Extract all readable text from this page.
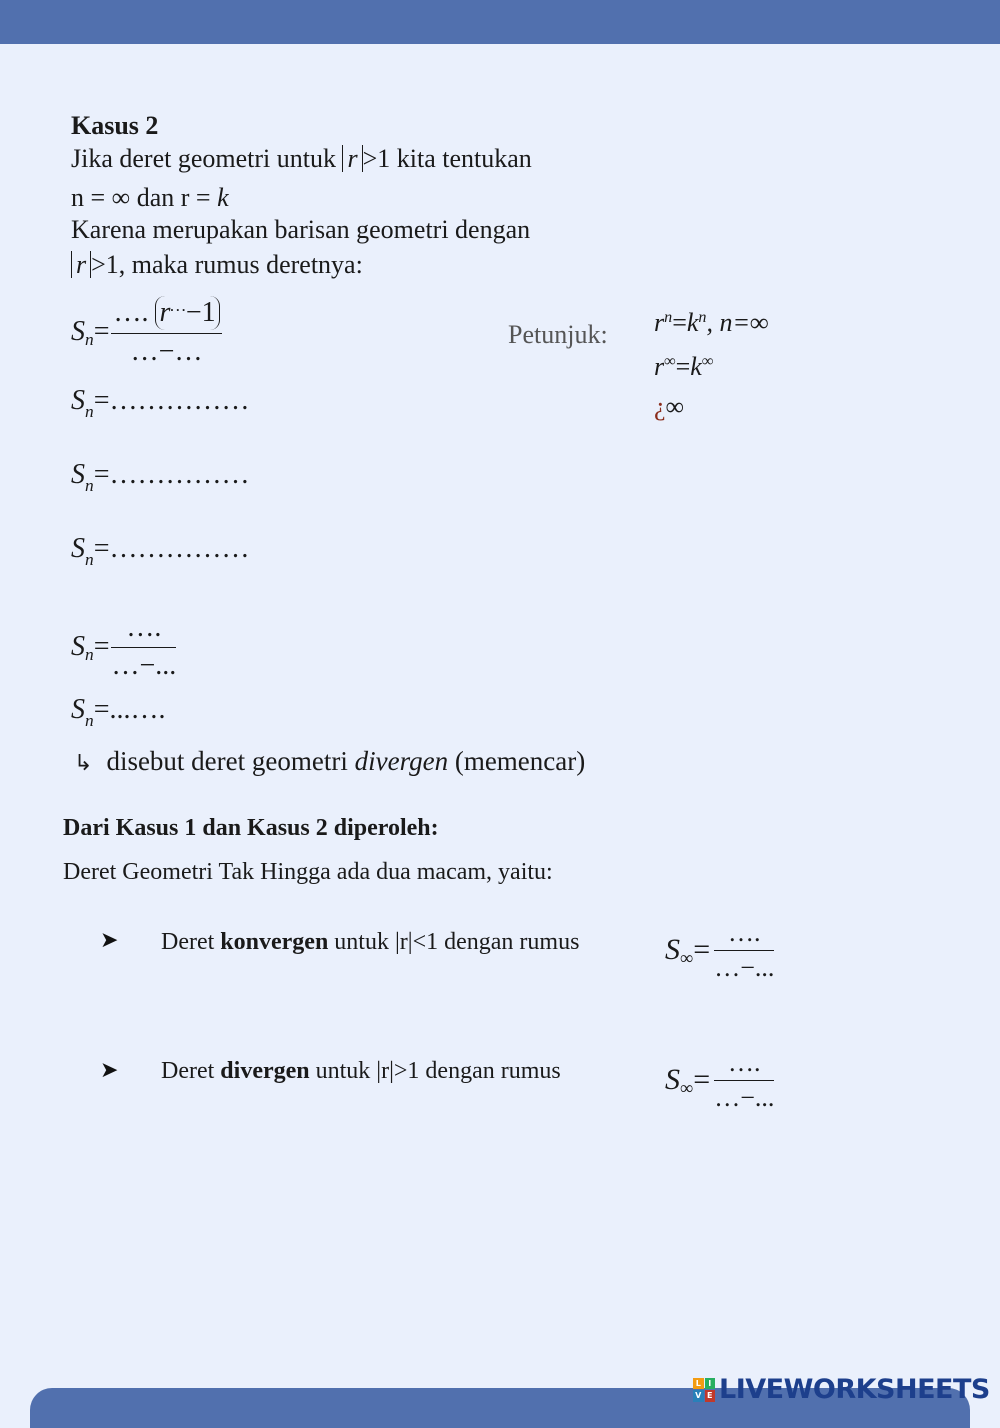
Kasus 2
Jika deret geometri untuk r >1 kita tentukan
n = ∞ dan r = k
Karena merupakan barisan geometri dengan
r >1, maka rumus deretnya:
S $n = \frac{\dots. r^\dots-1}{\dots-\dots}$	Petunjuk: $r^n=k^n$, n=∞
r∞=k∞
¿∞
$S_n=\dots\dots\dots\dots\dots$
$S_n=\dots\dots\dots\dots\dots$
$S_n=\dots\dots\dots\dots\dots$
S $n = \frac{\dots.}{\dots-...}$
$S_n=...\dots$.
↳ disebut deret geometri divergen (memencar)
Dari Kasus 1 dan Kasus 2 diperoleh:
Deret Geometri Tak Hingga ada dua macam, yaitu:
➤ Deret konvergen untuk |r|<1 dengan rumus	S ∞ = $\frac{\dots.}{\dots-...}$
➤ Deret divergen untuk |r|>1 dengan rumus	S ∞ = $\frac{\dots.}{\dots-...}$
L I
V E LIVEWORKSHEETS
